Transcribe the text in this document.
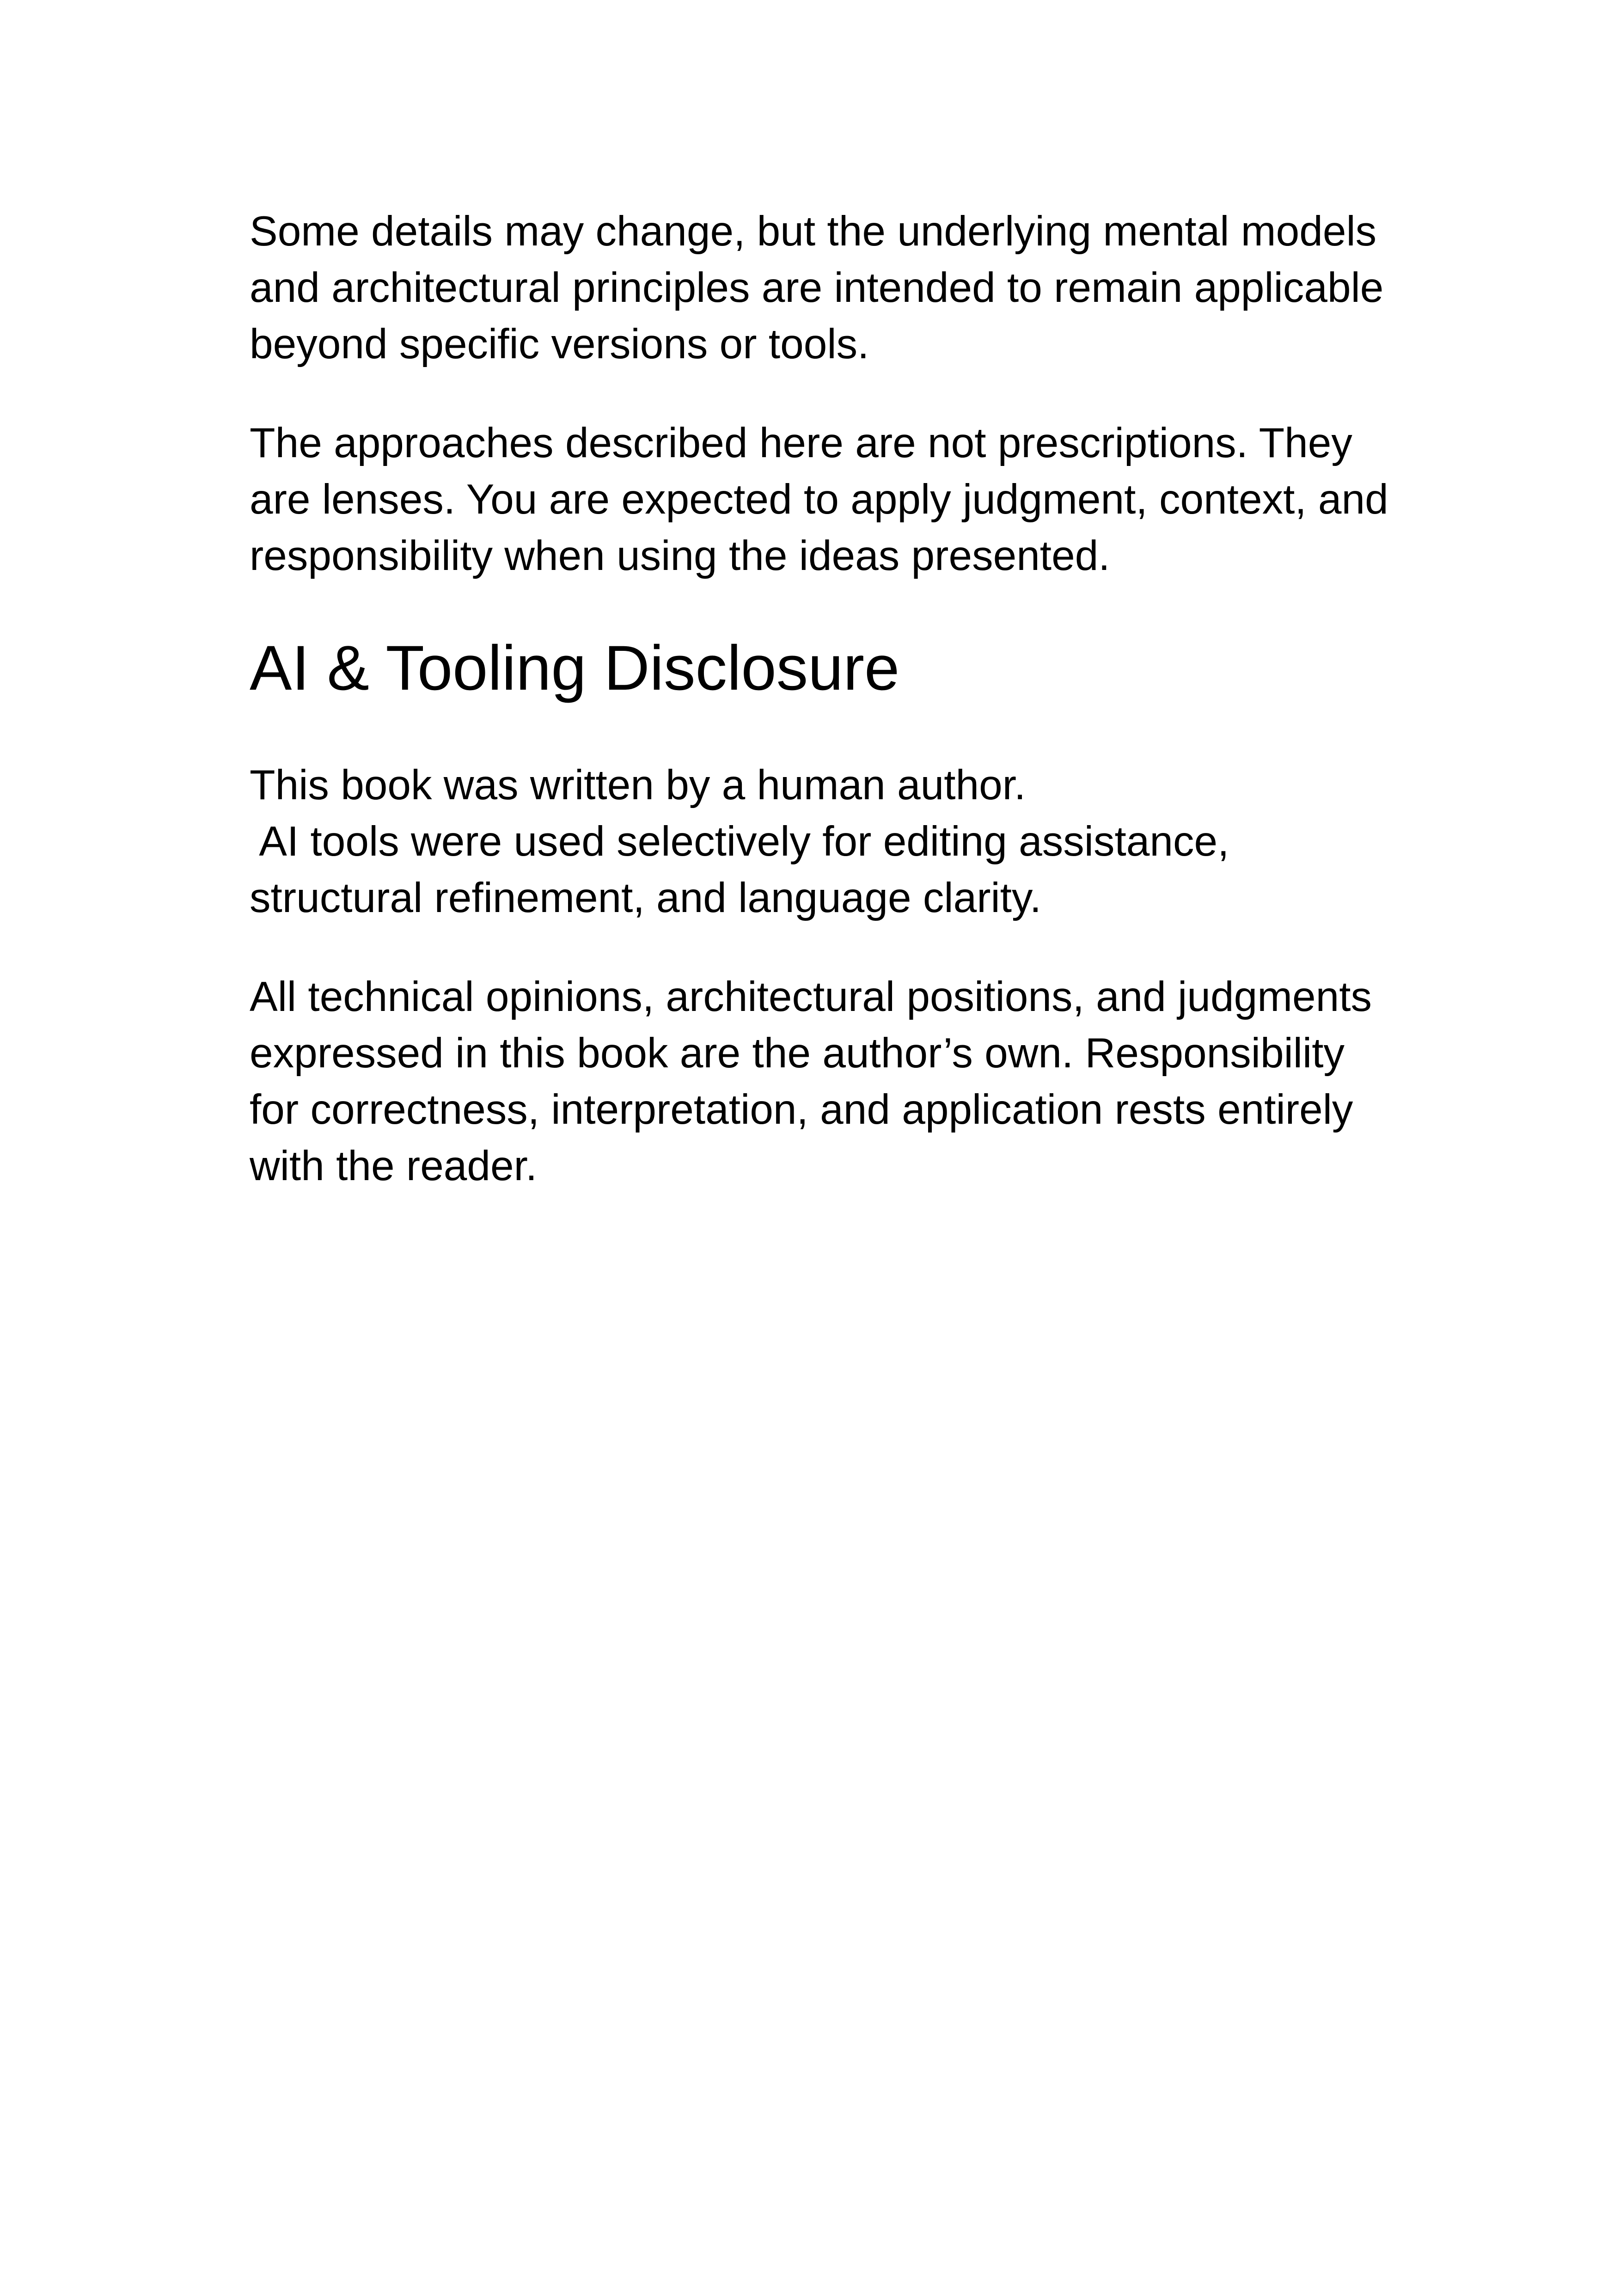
Some details may change, but the underlying mental models
and architectural principles are intended to remain applicable
beyond specific versions or tools.

The approaches described here are not prescriptions. They
are lenses. You are expected to apply judgment, context, and
responsibility when using the ideas presented.

AI & Tooling Disclosure

This book was written by a human author.
AI tools were used selectively for editing assistance,
structural refinement, and language clarity.

All technical opinions, architectural positions, and judgments
expressed in this book are the author’s own. Responsibility
for correctness, interpretation, and application rests entirely
with the reader.
